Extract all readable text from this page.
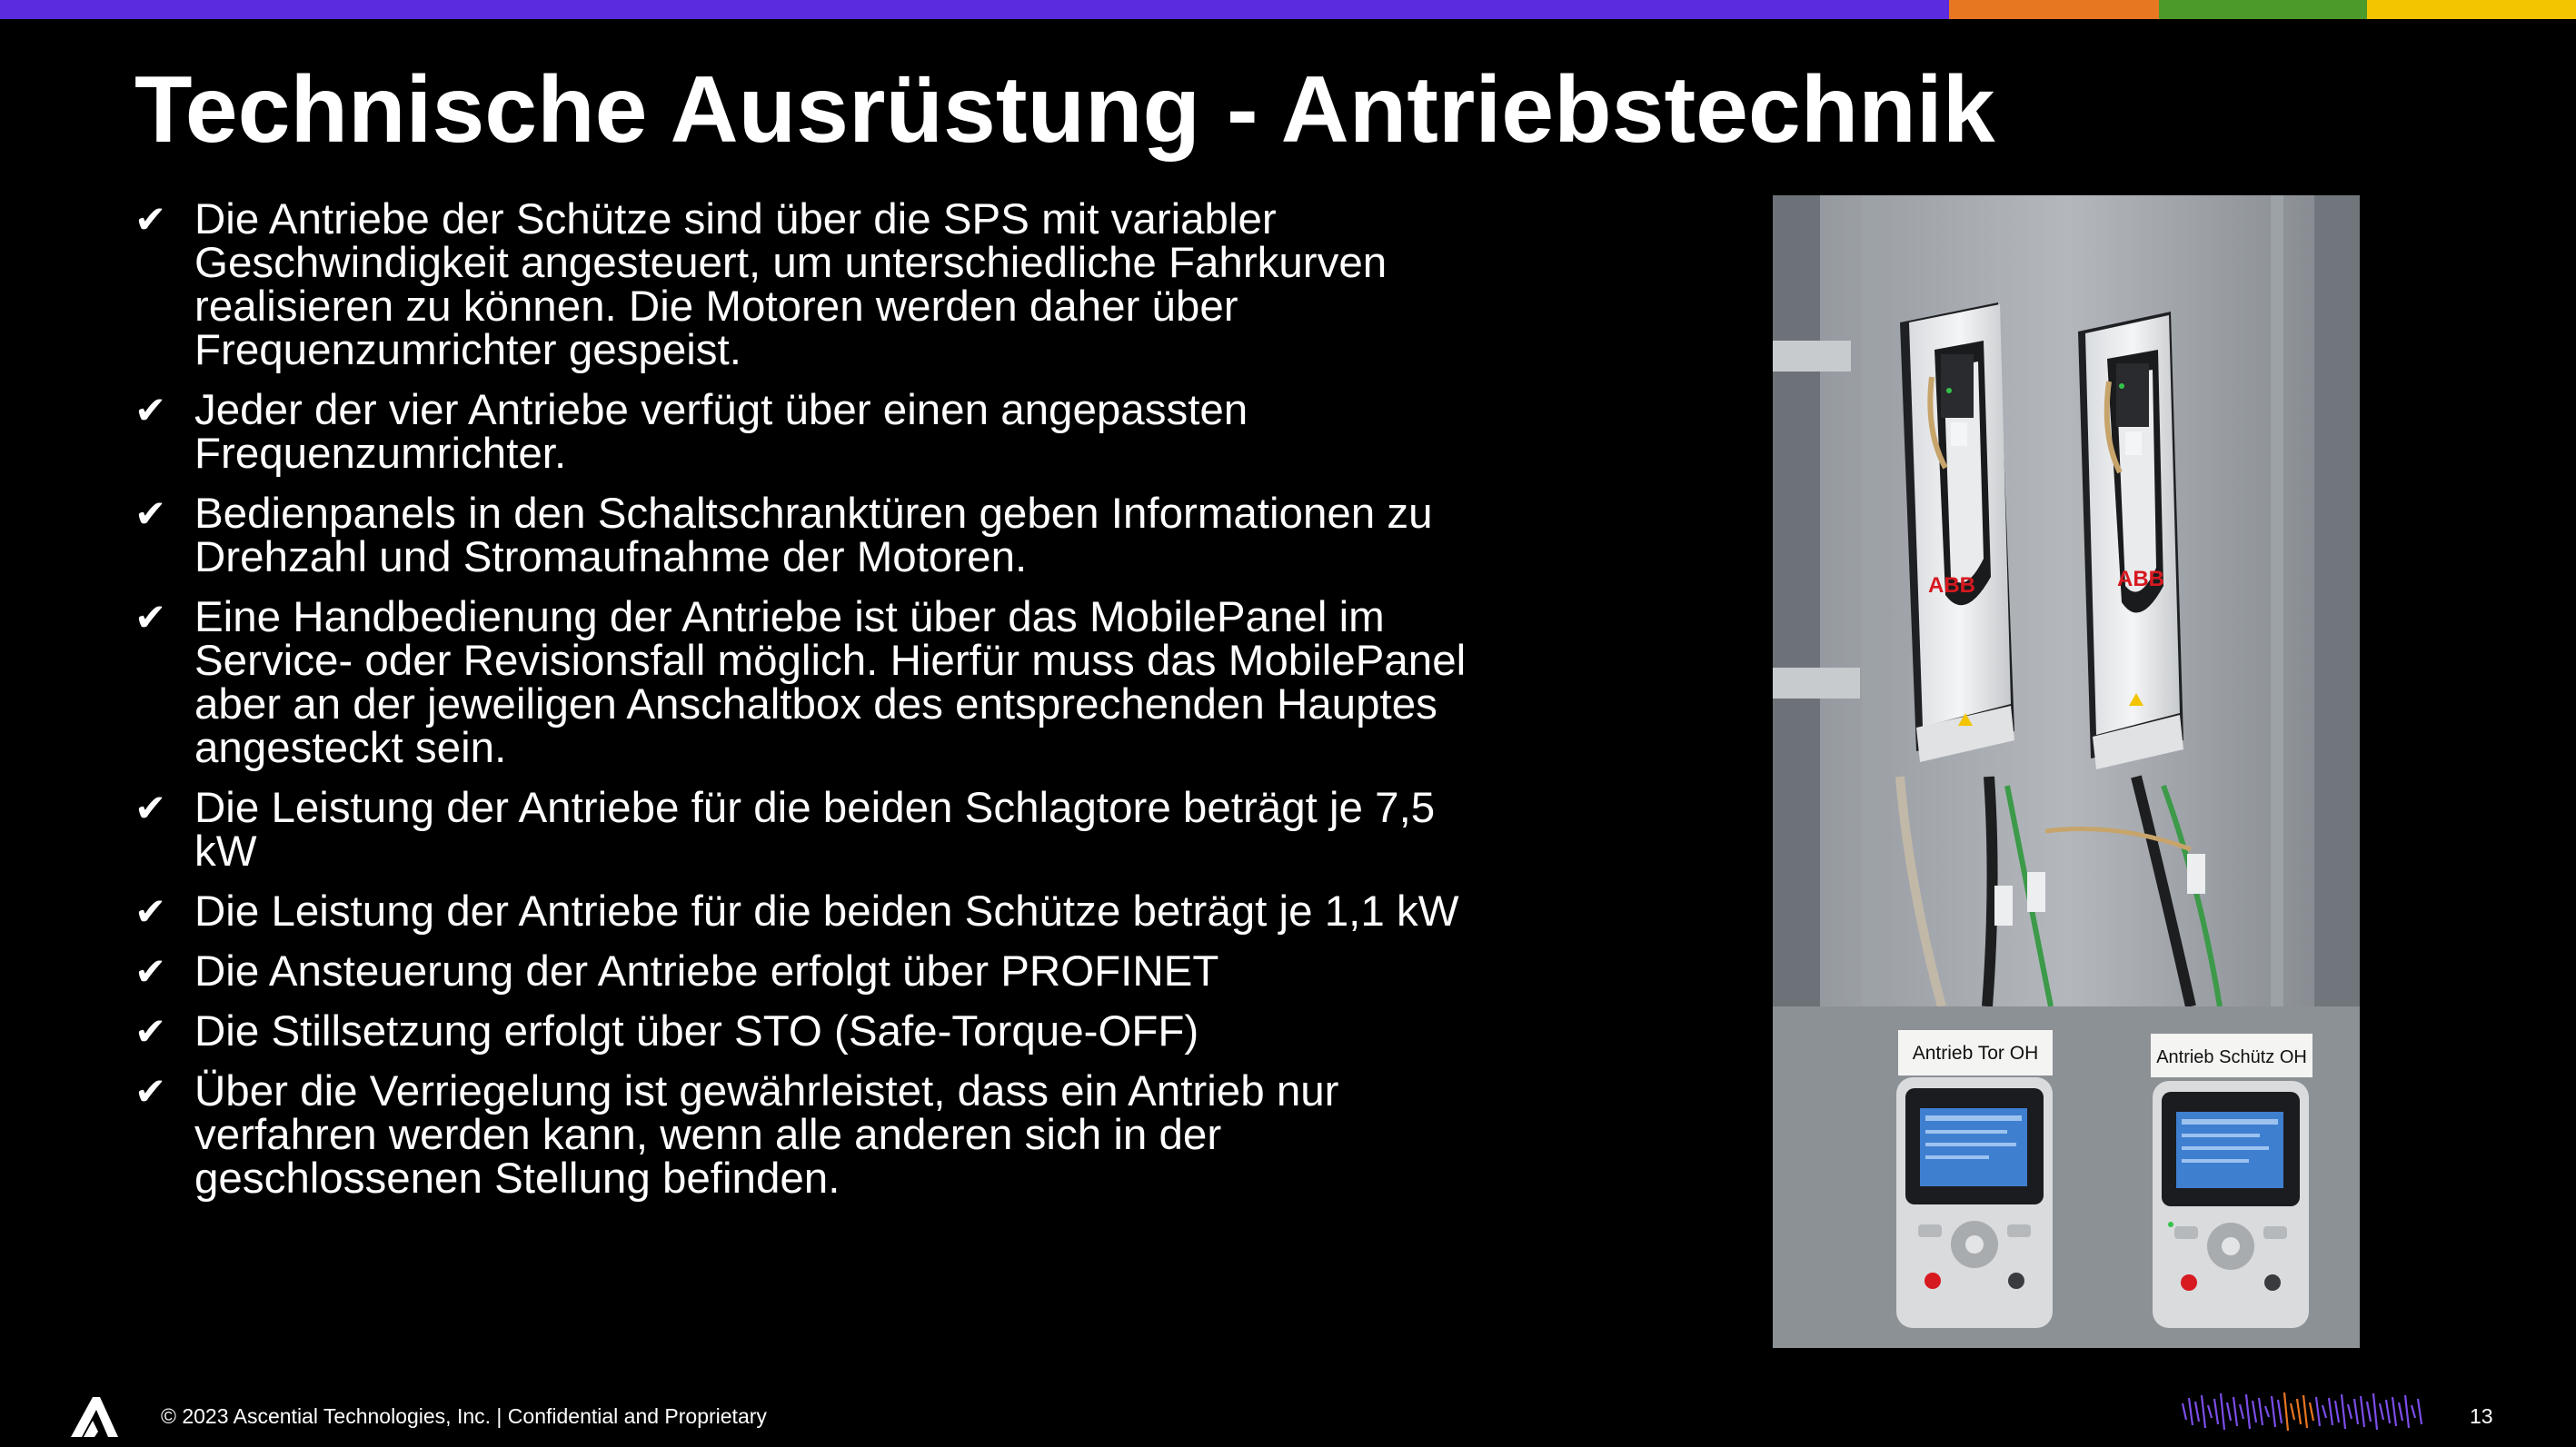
Technische Ausrüstung - Antriebstechnik
✔ Die Antriebe der Schütze sind über die SPS mit variabler
Geschwindigkeit angesteuert, um unterschiedliche Fahrkurven
realisieren zu können. Die Motoren werden daher über
Frequenzumrichter gespeist.
✔ Jeder der vier Antriebe verfügt über einen angepassten
Frequenzumrichter.
✔ Bedienpanels in den Schaltschranktüren geben Informationen zu
Drehzahl und Stromaufnahme der Motoren.
✔ Eine Handbedienung der Antriebe ist über das MobilePanel im
Service- oder Revisionsfall möglich. Hierfür muss das MobilePanel
aber an der jeweiligen Anschaltbox des entsprechenden Hauptes
angesteckt sein.
✔ Die Leistung der Antriebe für die beiden Schlagtore beträgt je 7,5
kW
✔ Die Leistung der Antriebe für die beiden Schütze beträgt je 1,1 kW
✔ Die Ansteuerung der Antriebe erfolgt über PROFINET
✔ Die Stillsetzung erfolgt über STO (Safe-Torque-OFF)
✔ Über die Verriegelung ist gewährleistet, dass ein Antrieb nur
verfahren werden kann, wenn alle anderen sich in der
geschlossenen Stellung befinden.
ABB	ABB
Antrieb Tor OH	Antrieb Schütz OH
© 2023 Ascential Technologies, Inc. | Confidential and Proprietary	13
